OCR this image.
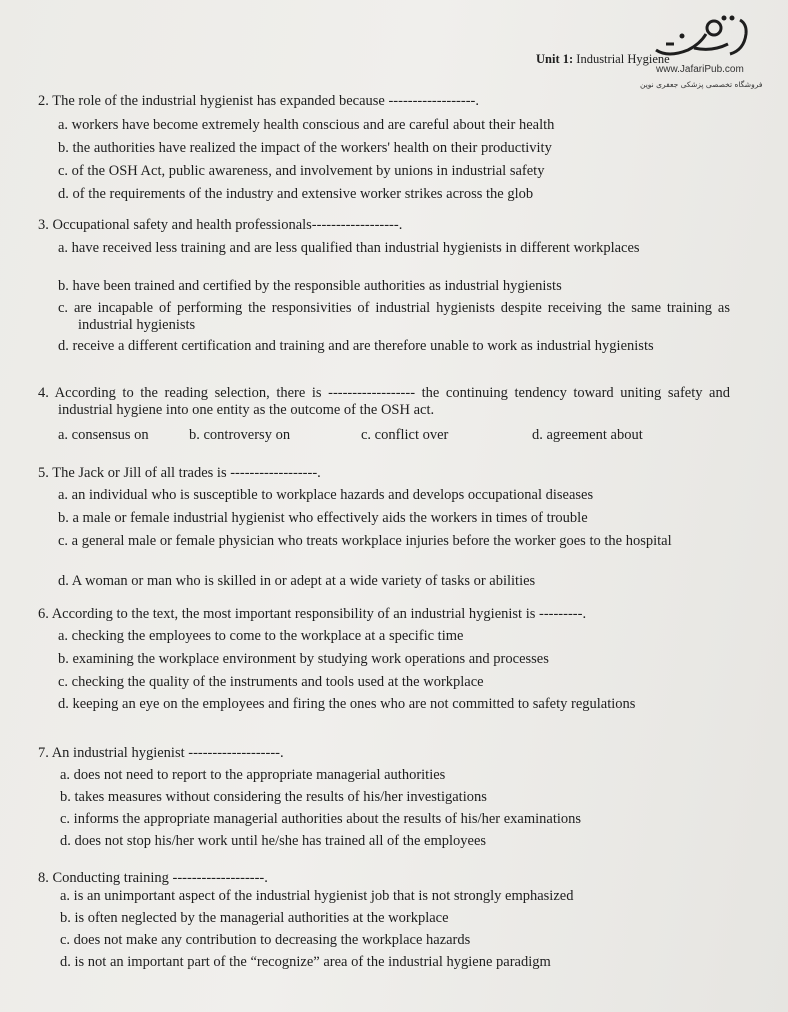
Unit 1: Industrial Hygiene
www.JafariPub.com
فروشگاه تخصصی پزشکی جعفری نوین
2. The role of the industrial hygienist has expanded because ------------------.
a. workers have become extremely health conscious and are careful about their health
b. the authorities have realized the impact of the workers' health on their productivity
c. of the OSH Act, public awareness, and involvement by unions in industrial safety
d. of the requirements of the industry and extensive worker strikes across the glob
3. Occupational safety and health professionals------------------.
a. have received less training and are less qualified than industrial hygienists in different workplaces
b. have been trained and certified by the responsible authorities as industrial hygienists
c. are incapable of performing the responsivities of industrial hygienists despite receiving the same training as industrial hygienists
d. receive a different certification and training and are therefore unable to work as industrial hygienists
4. According to the reading selection, there is ------------------ the continuing tendency toward uniting safety and industrial hygiene into one entity as the outcome of the OSH act.
a. consensus on	b. controversy on	c. conflict over	d. agreement about
5. The Jack or Jill of all trades is ------------------.
a. an individual who is susceptible to workplace hazards and develops occupational diseases
b. a male or female industrial hygienist who effectively aids the workers in times of trouble
c. a general male or female physician who treats workplace injuries before the worker goes to the hospital
d. A woman or man who is skilled in or adept at a wide variety of tasks or abilities
6. According to the text, the most important responsibility of an industrial hygienist is ---------.
a. checking the employees to come to the workplace at a specific time
b. examining the workplace environment by studying work operations and processes
c. checking the quality of the instruments and tools used at the workplace
d. keeping an eye on the employees and firing the ones who are not committed to safety regulations
7. An industrial hygienist -------------------.
a. does not need to report to the appropriate managerial authorities
b. takes measures without considering the results of his/her investigations
c. informs the appropriate managerial authorities about the results of his/her examinations
d. does not stop his/her work until he/she has trained all of the employees
8. Conducting training -------------------.
a. is an unimportant aspect of the industrial hygienist job that is not strongly emphasized
b. is often neglected by the managerial authorities at the workplace
c. does not make any contribution to decreasing the workplace hazards
d. is not an important part of the “recognize” area of the industrial hygiene paradigm
